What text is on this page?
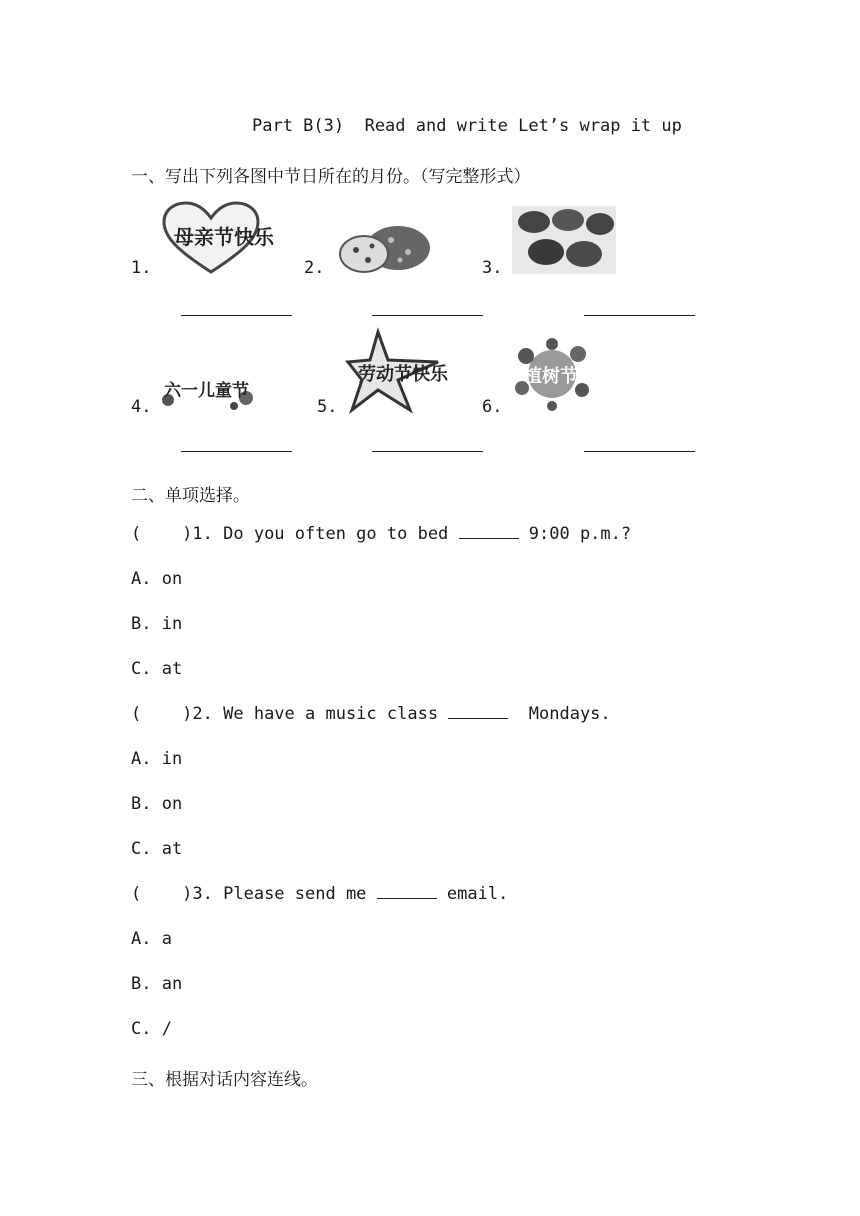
Part B(3)  Read and write Let’s wrap it up
一、写出下列各图中节日所在的月份。（写完整形式）
1.
母亲节快乐
2.	3.
4.
六一儿童节
5.
劳动节快乐
6.
植树节
二、单项选择。
(    )1. Do you often go to bed	9:00 p.m.?
A. on
B. in
C. at
(    )2. We have a music class	Mondays.
A. in
B. on
C. at
(    )3. Please send me	email.
A. a
B. an
C. /
三、根据对话内容连线。
